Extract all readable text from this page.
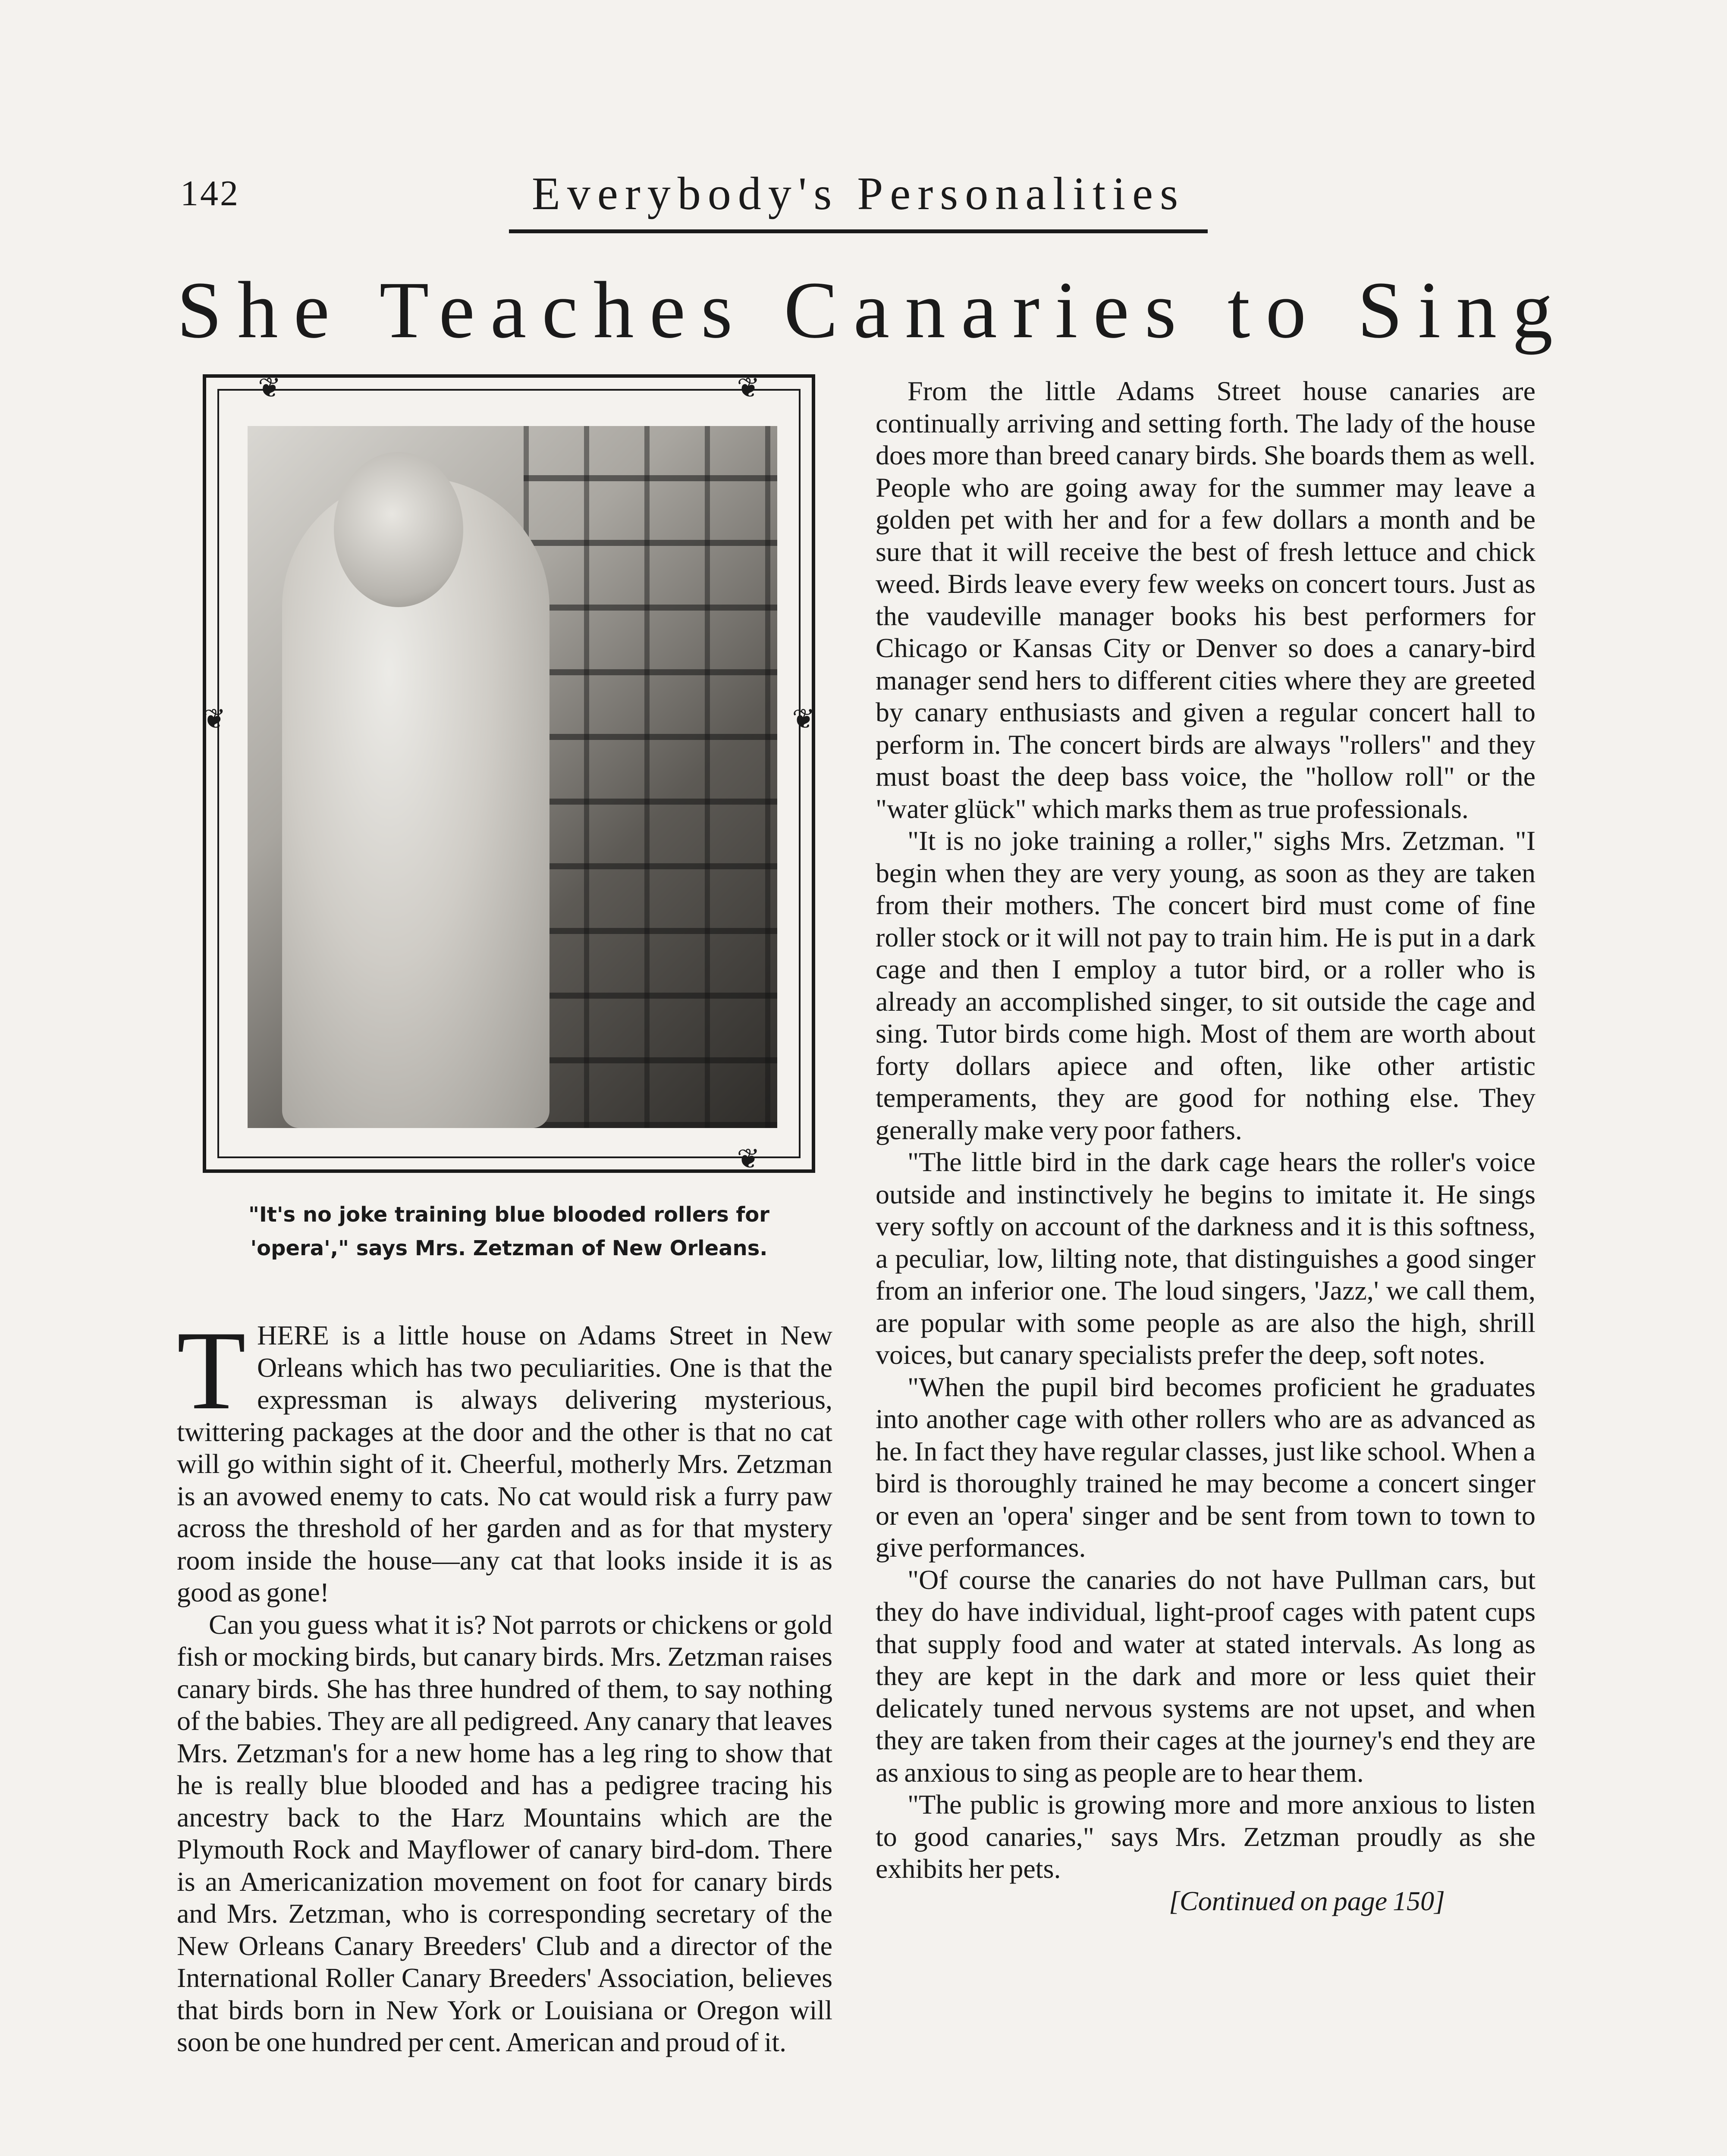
142	Everybody's Personalities
She Teaches Canaries to Sing
❦	❦
❦	❦
❦
"It's no joke training blue blooded rollers for
'opera'," says Mrs. Zetzman of New Orleans.

THERE is a little house on Adams Street in New Orleans which has two peculiarities. One is that the expressman is always delivering mysterious, twittering packages at the door and the other is that no cat will go within sight of it. Cheerful, motherly Mrs. Zetzman is an avowed enemy to cats. No cat would risk a furry paw across the threshold of her garden and as for that mystery room inside the house—any cat that looks inside it is as good as gone!

Can you guess what it is? Not parrots or chickens or gold fish or mocking birds, but canary birds. Mrs. Zetzman raises canary birds. She has three hundred of them, to say nothing of the babies. They are all pedigreed. Any canary that leaves Mrs. Zetzman's for a new home has a leg ring to show that he is really blue blooded and has a pedigree tracing his ancestry back to the Harz Mountains which are the Plymouth Rock and Mayflower of canary bird-dom. There is an Americanization movement on foot for canary birds and Mrs. Zetzman, who is corresponding secretary of the New Orleans Canary Breeders' Club and a director of the International Roller Canary Breeders' Association, believes that birds born in New York or Louisiana or Oregon will soon be one hundred per cent. American and proud of it.

From the little Adams Street house canaries are continually arriving and setting forth. The lady of the house does more than breed canary birds. She boards them as well. People who are going away for the summer may leave a golden pet with her and for a few dollars a month and be sure that it will receive the best of fresh lettuce and chick weed. Birds leave every few weeks on concert tours. Just as the vaudeville manager books his best performers for Chicago or Kansas City or Denver so does a canary-bird manager send hers to different cities where they are greeted by canary enthusiasts and given a regular concert hall to perform in. The concert birds are always "rollers" and they must boast the deep bass voice, the "hollow roll" or the "water glück" which marks them as true professionals.

"It is no joke training a roller," sighs Mrs. Zetzman. "I begin when they are very young, as soon as they are taken from their mothers. The concert bird must come of fine roller stock or it will not pay to train him. He is put in a dark cage and then I employ a tutor bird, or a roller who is already an accomplished singer, to sit outside the cage and sing. Tutor birds come high. Most of them are worth about forty dollars apiece and often, like other artistic temperaments, they are good for nothing else. They generally make very poor fathers.

"The little bird in the dark cage hears the roller's voice outside and instinctively he begins to imitate it. He sings very softly on account of the darkness and it is this softness, a peculiar, low, lilting note, that distinguishes a good singer from an inferior one. The loud singers, 'Jazz,' we call them, are popular with some people as are also the high, shrill voices, but canary specialists prefer the deep, soft notes.

"When the pupil bird becomes proficient he graduates into another cage with other rollers who are as advanced as he. In fact they have regular classes, just like school. When a bird is thoroughly trained he may become a concert singer or even an 'opera' singer and be sent from town to town to give performances.

"Of course the canaries do not have Pullman cars, but they do have individual, light-proof cages with patent cups that supply food and water at stated intervals. As long as they are kept in the dark and more or less quiet their delicately tuned nervous systems are not upset, and when they are taken from their cages at the journey's end they are as anxious to sing as people are to hear them.

"The public is growing more and more anxious to listen to good canaries," says Mrs. Zetzman proudly as she exhibits her pets.

[Continued on page 150]
